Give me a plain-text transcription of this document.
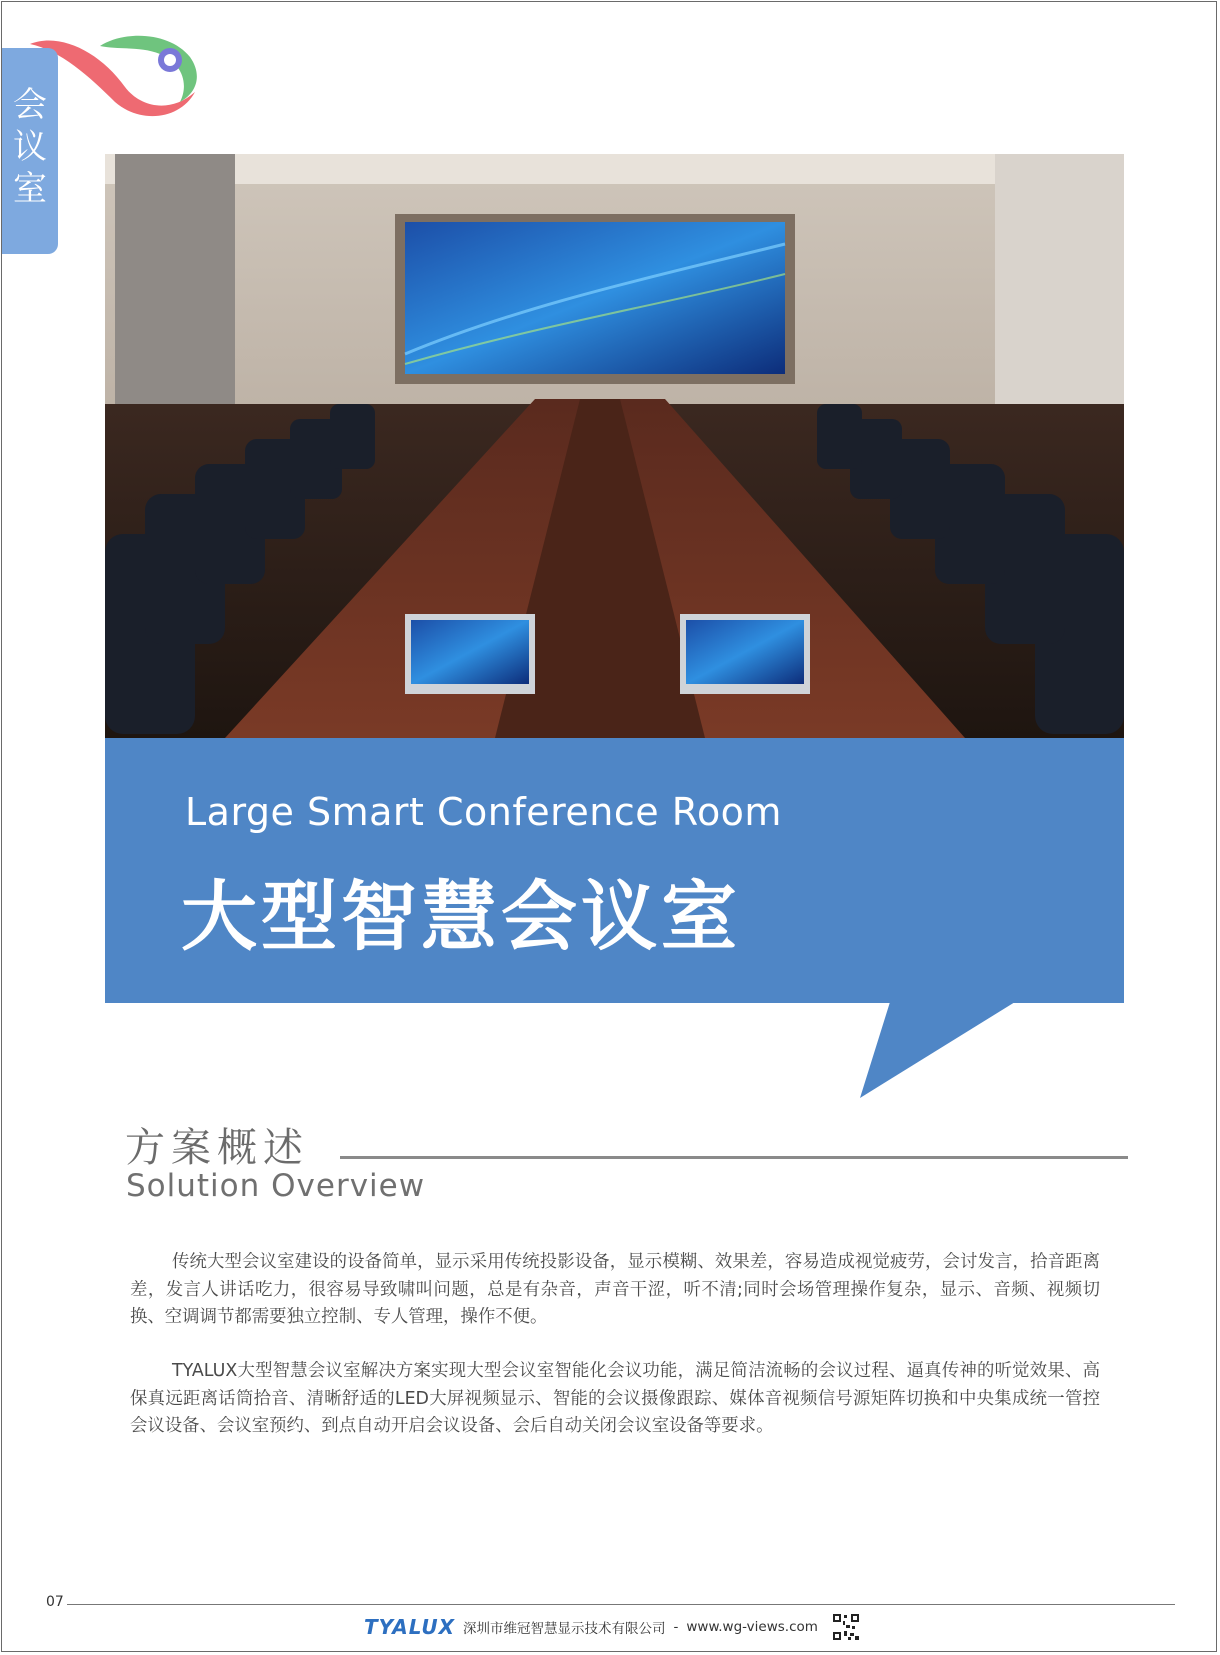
会议室
Large Smart Conference Room
大型智慧会议室
方案概述
Solution Overview

传统大型会议室建设的设备简单，显示采用传统投影设备，显示模糊、效果差，容易造成视觉疲劳，会讨发言，拾音距离差，发言人讲话吃力，很容易导致啸叫问题，总是有杂音，声音干涩，听不清;同时会场管理操作复杂，显示、音频、视频切换、空调调节都需要独立控制、专人管理，操作不便。

TYALUX大型智慧会议室解决方案实现大型会议室智能化会议功能，满足简洁流畅的会议过程、逼真传神的听觉效果、高保真远距离话筒拾音、清晰舒适的LED大屏视频显示、智能的会议摄像跟踪、媒体音视频信号源矩阵切换和中央集成统一管控会议设备、会议室预约、到点自动开启会议设备、会后自动关闭会议室设备等要求。

07
TYALUX 深圳市维冠智慧显示技术有限公司 - www.wg-views.com
